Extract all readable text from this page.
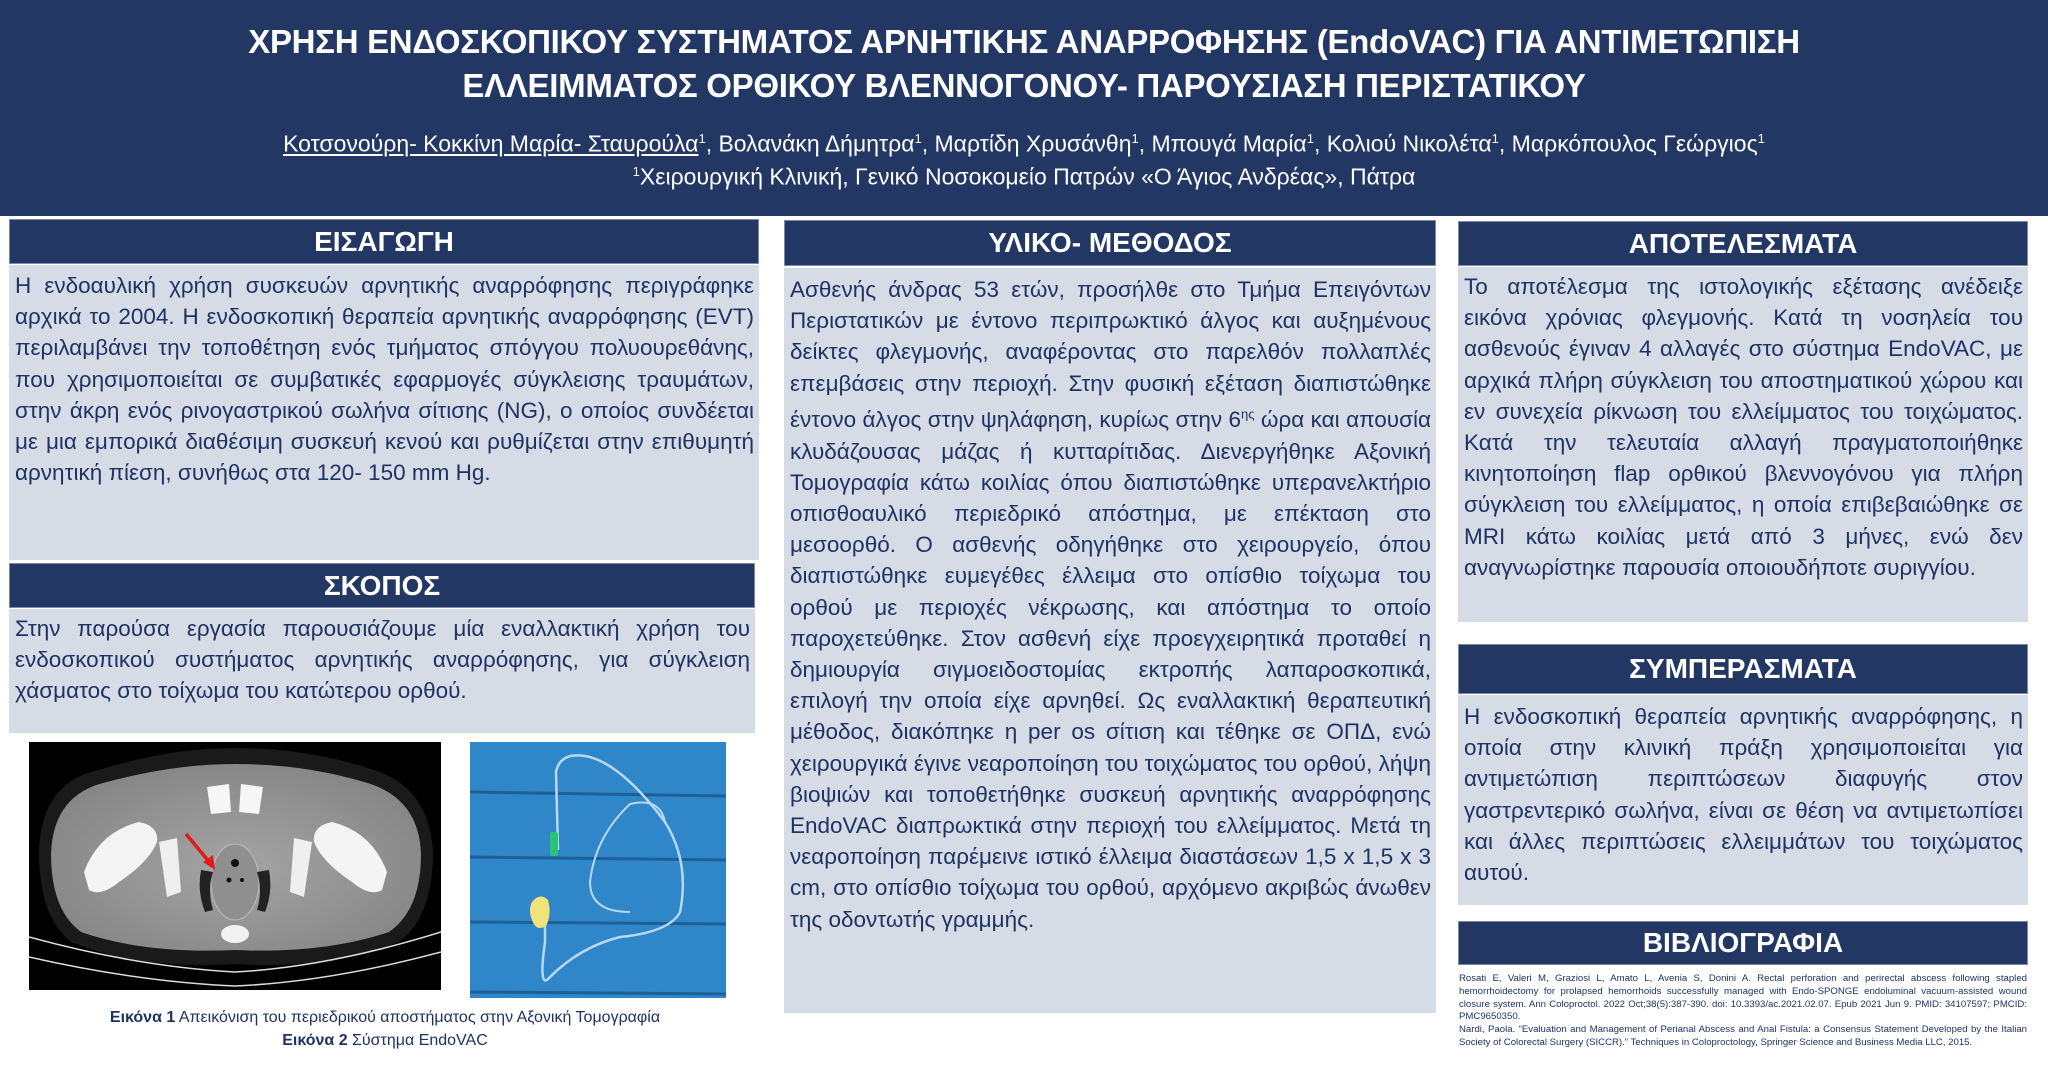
ΧΡΗΣΗ ΕΝΔΟΣΚΟΠΙΚΟΥ ΣΥΣΤΗΜΑΤΟΣ ΑΡΝΗΤΙΚΗΣ ΑΝΑΡΡΟΦΗΣΗΣ (EndoVAC) ΓΙΑ ΑΝΤΙΜΕΤΩΠΙΣΗ
ΕΛΛΕΙΜΜΑΤΟΣ ΟΡΘΙΚΟΥ ΒΛΕΝΝΟΓΟΝΟΥ- ΠΑΡΟΥΣΙΑΣΗ ΠΕΡΙΣΤΑΤΙΚΟΥ
Κοτσονούρη- Κοκκίνη Μαρία- Σταυρούλα$^1$, Βολανάκη Δήμητρα$^1$, Μαρτίδη Χρυσάνθη$^1$, Μπουγά Μαρία$^1$, Κολιού Νικολέτα$^1$, Μαρκόπουλος Γεώργιος$^1$
$^1$Χειρουργική Κλινική, Γενικό Νοσοκομείο Πατρών «Ο Άγιος Ανδρέας», Πάτρα
ΕΙΣΑΓΩΓΗ
Η ενδοαυλική χρήση συσκευών αρνητικής αναρρόφησης περιγράφηκε αρχικά το 2004. Η ενδοσκοπική θεραπεία αρνητικής αναρρόφησης (EVT) περιλαμβάνει την τοποθέτηση ενός τμήματος σπόγγου πολυουρεθάνης, που χρησιμοποιείται σε συμβατικές εφαρμογές σύγκλεισης τραυμάτων, στην άκρη ενός ρινογαστρικού σωλήνα σίτισης (NG), ο οποίος συνδέεται με μια εμπορικά διαθέσιμη συσκευή κενού και ρυθμίζεται στην επιθυμητή αρνητική πίεση, συνήθως στα 120- 150 mm Hg.
ΣΚΟΠΟΣ
Στην παρούσα εργασία παρουσιάζουμε μία εναλλακτική χρήση του ενδοσκοπικού συστήματος αρνητικής αναρρόφησης, για σύγκλειση χάσματος στο τοίχωμα του κατώτερου ορθού.
Εικόνα 1 Απεικόνιση του περιεδρικού αποστήματος στην Αξονική Τομογραφία
Εικόνα 2 Σύστημα EndoVAC
ΥΛΙΚΟ- ΜΕΘΟΔΟΣ
Ασθενής άνδρας 53 ετών, προσήλθε στο Τμήμα Επειγόντων Περιστατικών με έντονο περιπρωκτικό άλγος και αυξημένους δείκτες φλεγμονής, αναφέροντας στο παρελθόν πολλαπλές επεμβάσεις στην περιοχή. Στην φυσική εξέταση διαπιστώθηκε έντονο άλγος στην ψηλάφηση, κυρίως στην $6^{\eta\varsigma}$ ώρα και απουσία κλυδάζουσας μάζας ή κυτταρίτιδας. Διενεργήθηκε Αξονική Τομογραφία κάτω κοιλίας όπου διαπιστώθηκε υπερανελκτήριο οπισθοαυλικό περιεδρικό απόστημα, με επέκταση στο μεσοορθό. Ο ασθενής οδηγήθηκε στο χειρουργείο, όπου διαπιστώθηκε ευμεγέθες έλλειμα στο οπίσθιο τοίχωμα του ορθού με περιοχές νέκρωσης, και απόστημα το οποίο παροχετεύθηκε. Στον ασθενή είχε προεγχειρητικά προταθεί η δημιουργία σιγμοειδοστομίας εκτροπής λαπαροσκοπικά, επιλογή την οποία είχε αρνηθεί. Ως εναλλακτική θεραπευτική μέθοδος, διακόπηκε η per os σίτιση και τέθηκε σε ΟΠΔ, ενώ χειρουργικά έγινε νεαροποίηση του τοιχώματος του ορθού, λήψη βιοψιών και τοποθετήθηκε συσκευή αρνητικής αναρρόφησης EndoVAC διαπρωκτικά στην περιοχή του ελλείμματος. Μετά τη νεαροποίηση παρέμεινε ιστικό έλλειμα διαστάσεων 1,5 x 1,5 x 3 cm, στο οπίσθιο τοίχωμα του ορθού, αρχόμενο ακριβώς άνωθεν της οδοντωτής γραμμής.
ΑΠΟΤΕΛΕΣΜΑΤΑ
Το αποτέλεσμα της ιστολογικής εξέτασης ανέδειξε εικόνα χρόνιας φλεγμονής. Κατά τη νοσηλεία του ασθενούς έγιναν 4 αλλαγές στο σύστημα EndoVAC, με αρχικά πλήρη σύγκλειση του αποστηματικού χώρου και εν συνεχεία ρίκνωση του ελλείμματος του τοιχώματος. Κατά την τελευταία αλλαγή πραγματοποιήθηκε κινητοποίηση flap ορθικού βλεννογόνου για πλήρη σύγκλειση του ελλείμματος, η οποία επιβεβαιώθηκε σε MRI κάτω κοιλίας μετά από 3 μήνες, ενώ δεν αναγνωρίστηκε παρουσία οποιουδήποτε συριγγίου.
ΣΥΜΠΕΡΑΣΜΑΤΑ
Η ενδοσκοπική θεραπεία αρνητικής αναρρόφησης, η οποία στην κλινική πράξη χρησιμοποιείται για αντιμετώπιση περιπτώσεων διαφυγής στον γαστρεντερικό σωλήνα, είναι σε θέση να αντιμετωπίσει και άλλες περιπτώσεις ελλειμμάτων του τοιχώματος αυτού.
ΒΙΒΛΙΟΓΡΑΦΙΑ

Rosati E, Valeri M, Graziosi L, Amato L, Avenia S, Donini A. Rectal perforation and perirectal abscess following stapled hemorrhoidectomy for prolapsed hemorrhoids successfully managed with Endo-SPONGE endoluminal vacuum-assisted wound closure system. Ann Coloproctol. 2022 Oct;38(5):387-390. doi: 10.3393/ac.2021.02.07. Epub 2021 Jun 9. PMID: 34107597; PMCID: PMC9650350.

Nardi, Paola. “Evaluation and Management of Perianal Abscess and Anal Fistula: a Consensus Statement Developed by the Italian Society of Colorectal Surgery (SICCR).” Techniques in Coloproctology, Springer Science and Business Media LLC, 2015.
